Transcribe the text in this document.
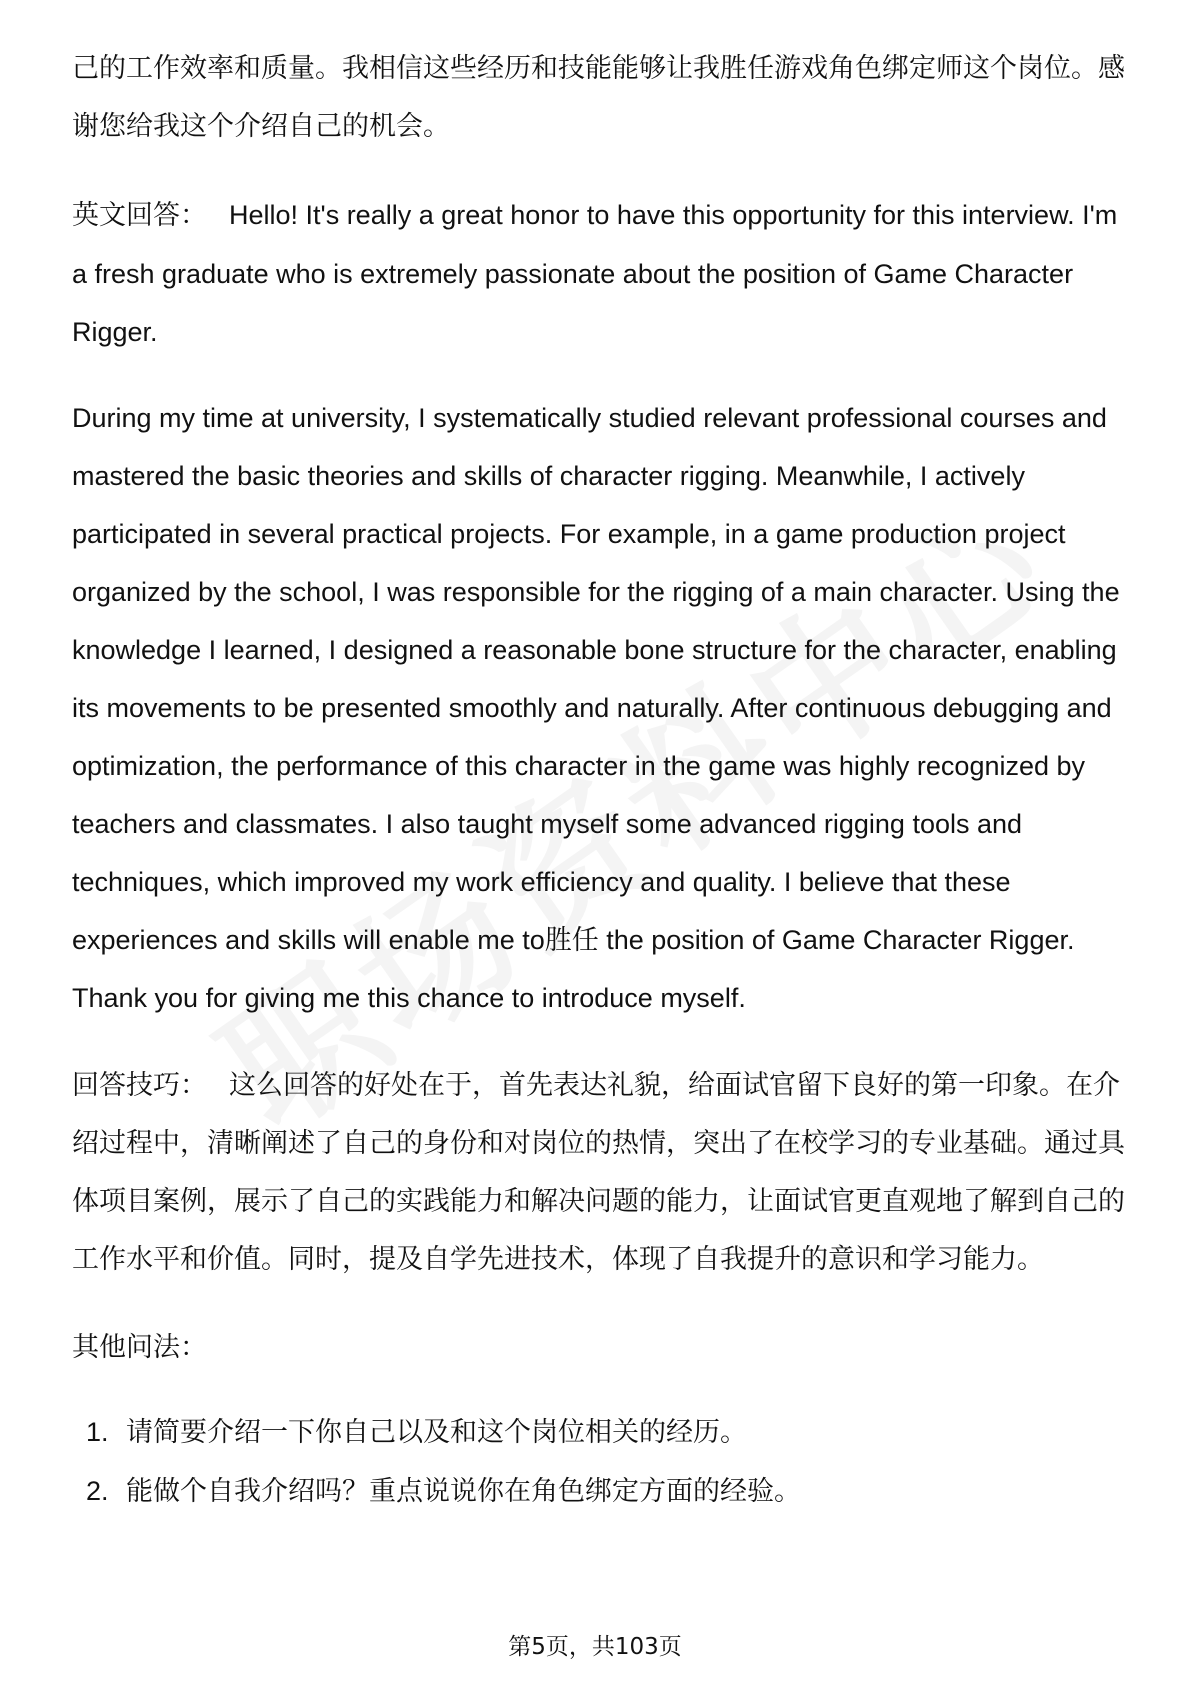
己的工作效率和质量。我相信这些经历和技能能够让我胜任游戏角色绑定师这个岗位。感谢您给我这个介绍自己的机会。

英文回答： Hello! It's really a great honor to have this opportunity for this interview. I'm a fresh graduate who is extremely passionate about the position of Game Character Rigger.

During my time at university, I systematically studied relevant professional courses and mastered the basic theories and skills of character rigging. Meanwhile, I actively participated in several practical projects. For example, in a game production project organized by the school, I was responsible for the rigging of a main character. Using the knowledge I learned, I designed a reasonable bone structure for the character, enabling its movements to be presented smoothly and naturally. After continuous debugging and optimization, the performance of this character in the game was highly recognized by teachers and classmates. I also taught myself some advanced rigging tools and techniques, which improved my work efficiency and quality. I believe that these experiences and skills will enable me to胜任 the position of Game Character Rigger. Thank you for giving me this chance to introduce myself.

回答技巧： 这么回答的好处在于，首先表达礼貌，给面试官留下良好的第一印象。在介绍过程中，清晰阐述了自己的身份和对岗位的热情，突出了在校学习的专业基础。通过具体项目案例，展示了自己的实践能力和解决问题的能力，让面试官更直观地了解到自己的工作水平和价值。同时，提及自学先进技术，体现了自我提升的意识和学习能力。

其他问法：

1. 请简要介绍一下你自己以及和这个岗位相关的经历。
2. 能做个自我介绍吗？重点说说你在角色绑定方面的经验。
第5页，共103页
